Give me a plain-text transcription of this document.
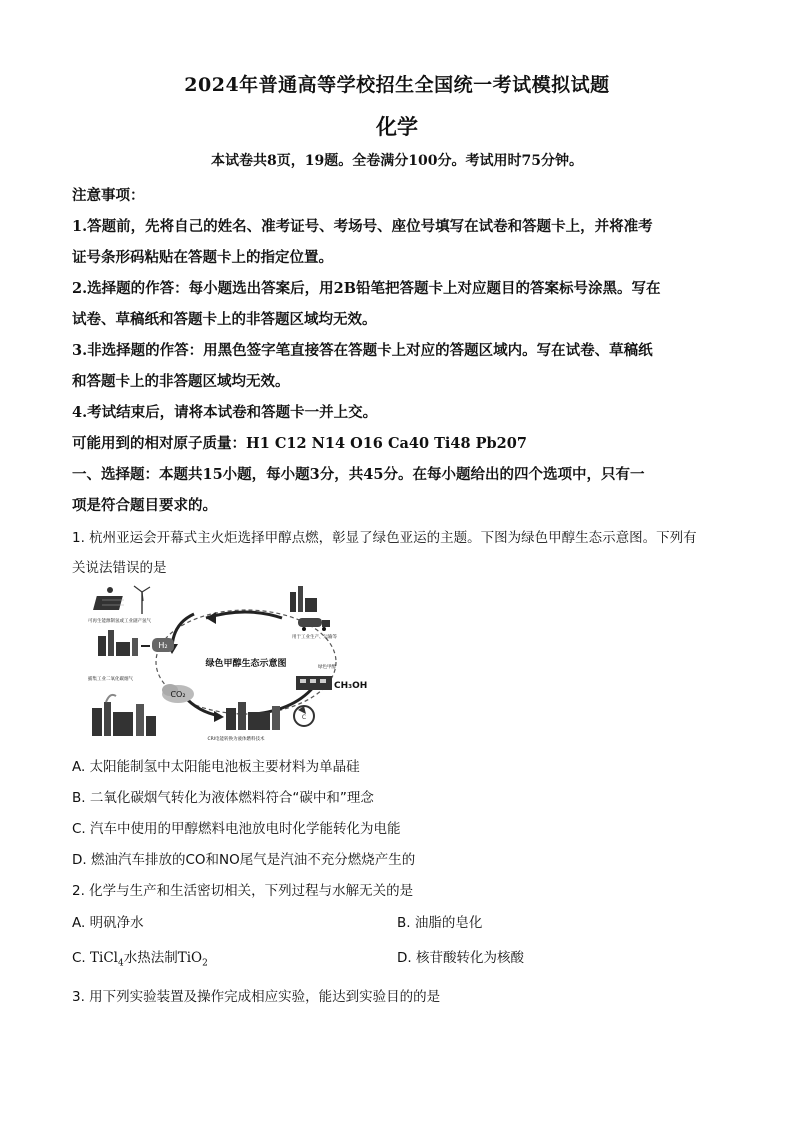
2024年普通高等学校招生全国统一考试模拟试题
化学
本试卷共8页，19题。全卷满分100分。考试用时75分钟。
注意事项：
1.答题前，先将自己的姓名、准考证号、考场号、座位号填写在试卷和答题卡上，并将准考
证号条形码粘贴在答题卡上的指定位置。
2.选择题的作答：每小题选出答案后，用2B铅笔把答题卡上对应题目的答案标号涂黑。写在
试卷、草稿纸和答题卡上的非答题区域均无效。
3.非选择题的作答：用黑色签字笔直接答在答题卡上对应的答题区域内。写在试卷、草稿纸
和答题卡上的非答题区域均无效。
4.考试结束后，请将本试卷和答题卡一并上交。
可能用到的相对原子质量：H1 C12 N14 O16 Ca40 Ti48 Pb207
一、选择题：本题共15小题，每小题3分，共45分。在每小题给出的四个选项中，只有一
项是符合题目要求的。
1. 杭州亚运会开幕式主火炬选择甲醇点燃，彰显了绿色亚运的主题。下图为绿色甲醇生态示意图。下列有
关说法错误的是
绿色甲醇生态示意图
可再生能源制氢或工业副产氢气
H₂
捕集工业二氧化碳烟气
CO₂
CRI电能转换为液体燃料技术
C
用于工业生产、运输等
绿色甲醇
CH₃OH
A. 太阳能制氢中太阳能电池板主要材料为单晶硅
B. 二氧化碳烟气转化为液体燃料符合“碳中和”理念
C. 汽车中使用的甲醇燃料电池放电时化学能转化为电能
D. 燃油汽车排放的CO和NO尾气是汽油不充分燃烧产生的
2. 化学与生产和生活密切相关，下列过程与水解无关的是
A. 明矾净水	B. 油脂的皂化
C. TiCl$_4$水热法制TiO$_2$	D. 核苷酸转化为核酸
3. 用下列实验装置及操作完成相应实验，能达到实验目的的是
